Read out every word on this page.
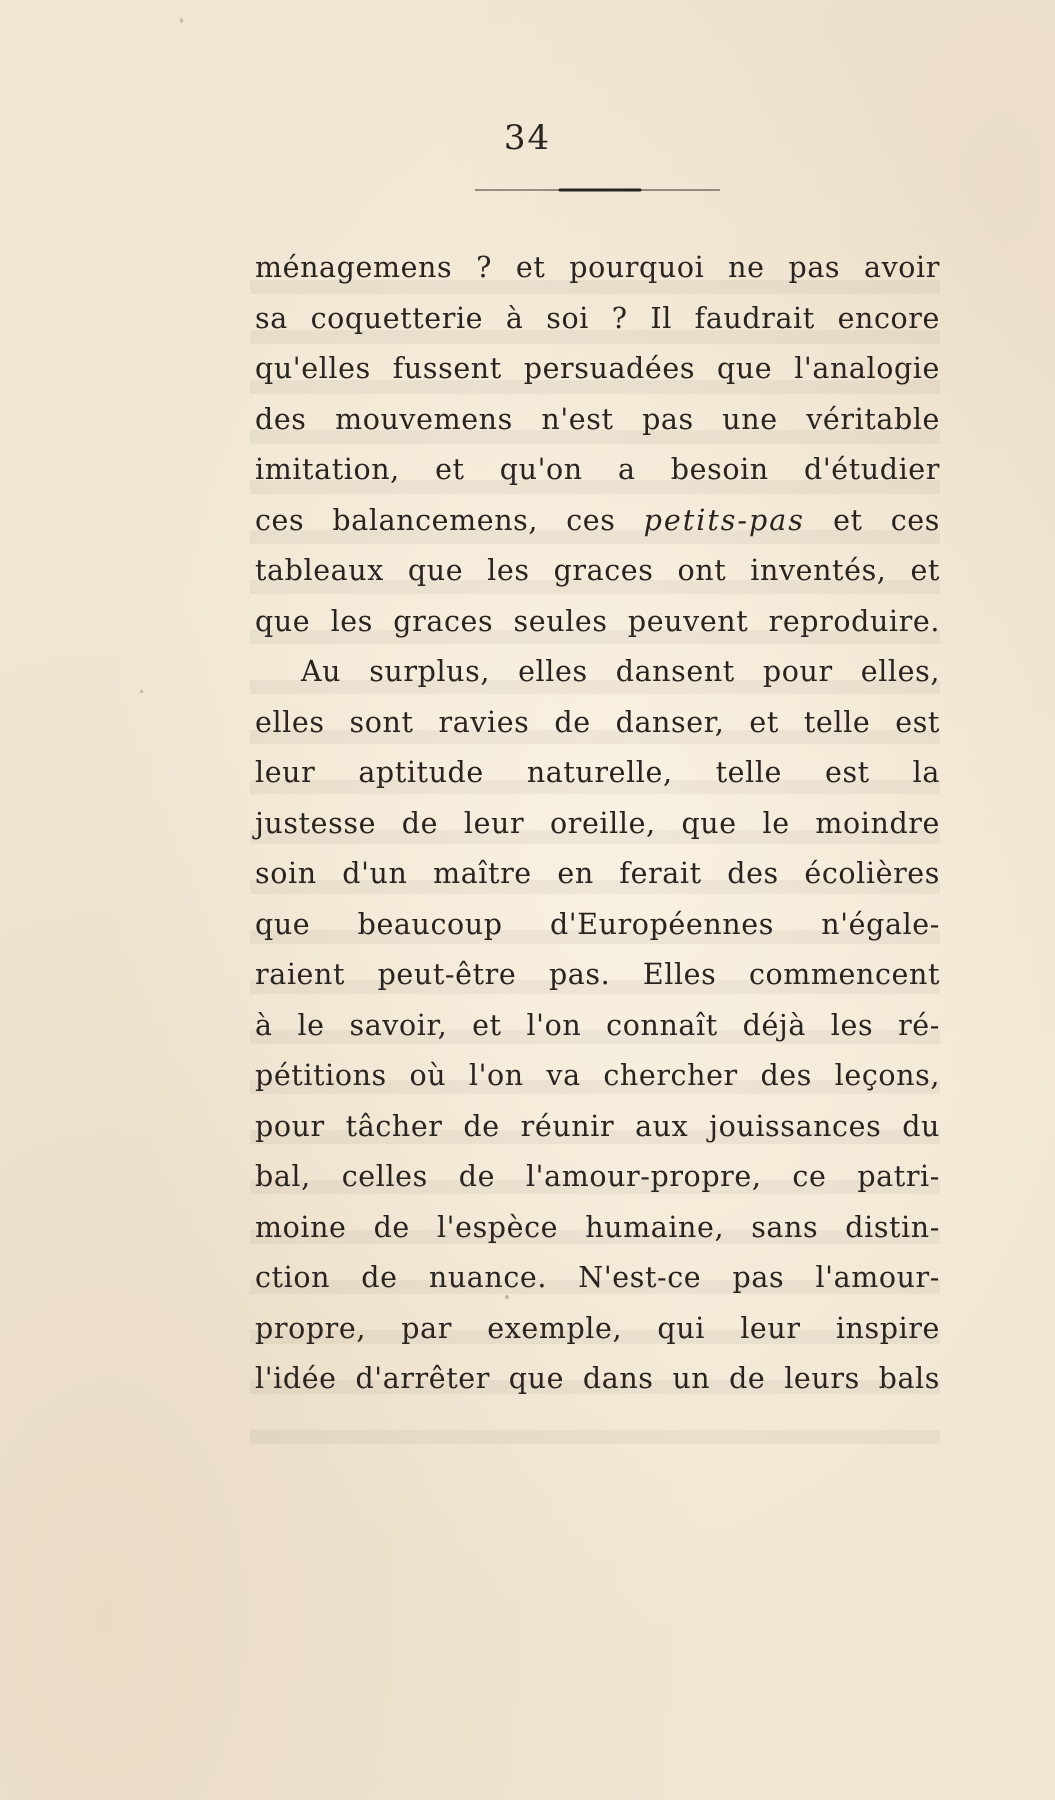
34
ménagemens ? et pourquoi ne pas avoir
sa coquetterie à soi ? Il faudrait encore
qu'elles fussent persuadées que l'analogie
des mouvemens n'est pas une véritable
imitation, et qu'on a besoin d'étudier
ces balancemens, ces petits-pas et ces
tableaux que les graces ont inventés, et
que les graces seules peuvent reproduire.
Au surplus, elles dansent pour elles,
elles sont ravies de danser, et telle est
leur aptitude naturelle, telle est la
justesse de leur oreille, que le moindre
soin d'un maître en ferait des écolières
que beaucoup d'Européennes n'égale-
raient peut-être pas. Elles commencent
à le savoir, et l'on connaît déjà les ré-
pétitions où l'on va chercher des leçons,
pour tâcher de réunir aux jouissances du
bal, celles de l'amour-propre, ce patri-
moine de l'espèce humaine, sans distin-
ction de nuance. N'est-ce pas l'amour-
propre, par exemple, qui leur inspire
l'idée d'arrêter que dans un de leurs bals
